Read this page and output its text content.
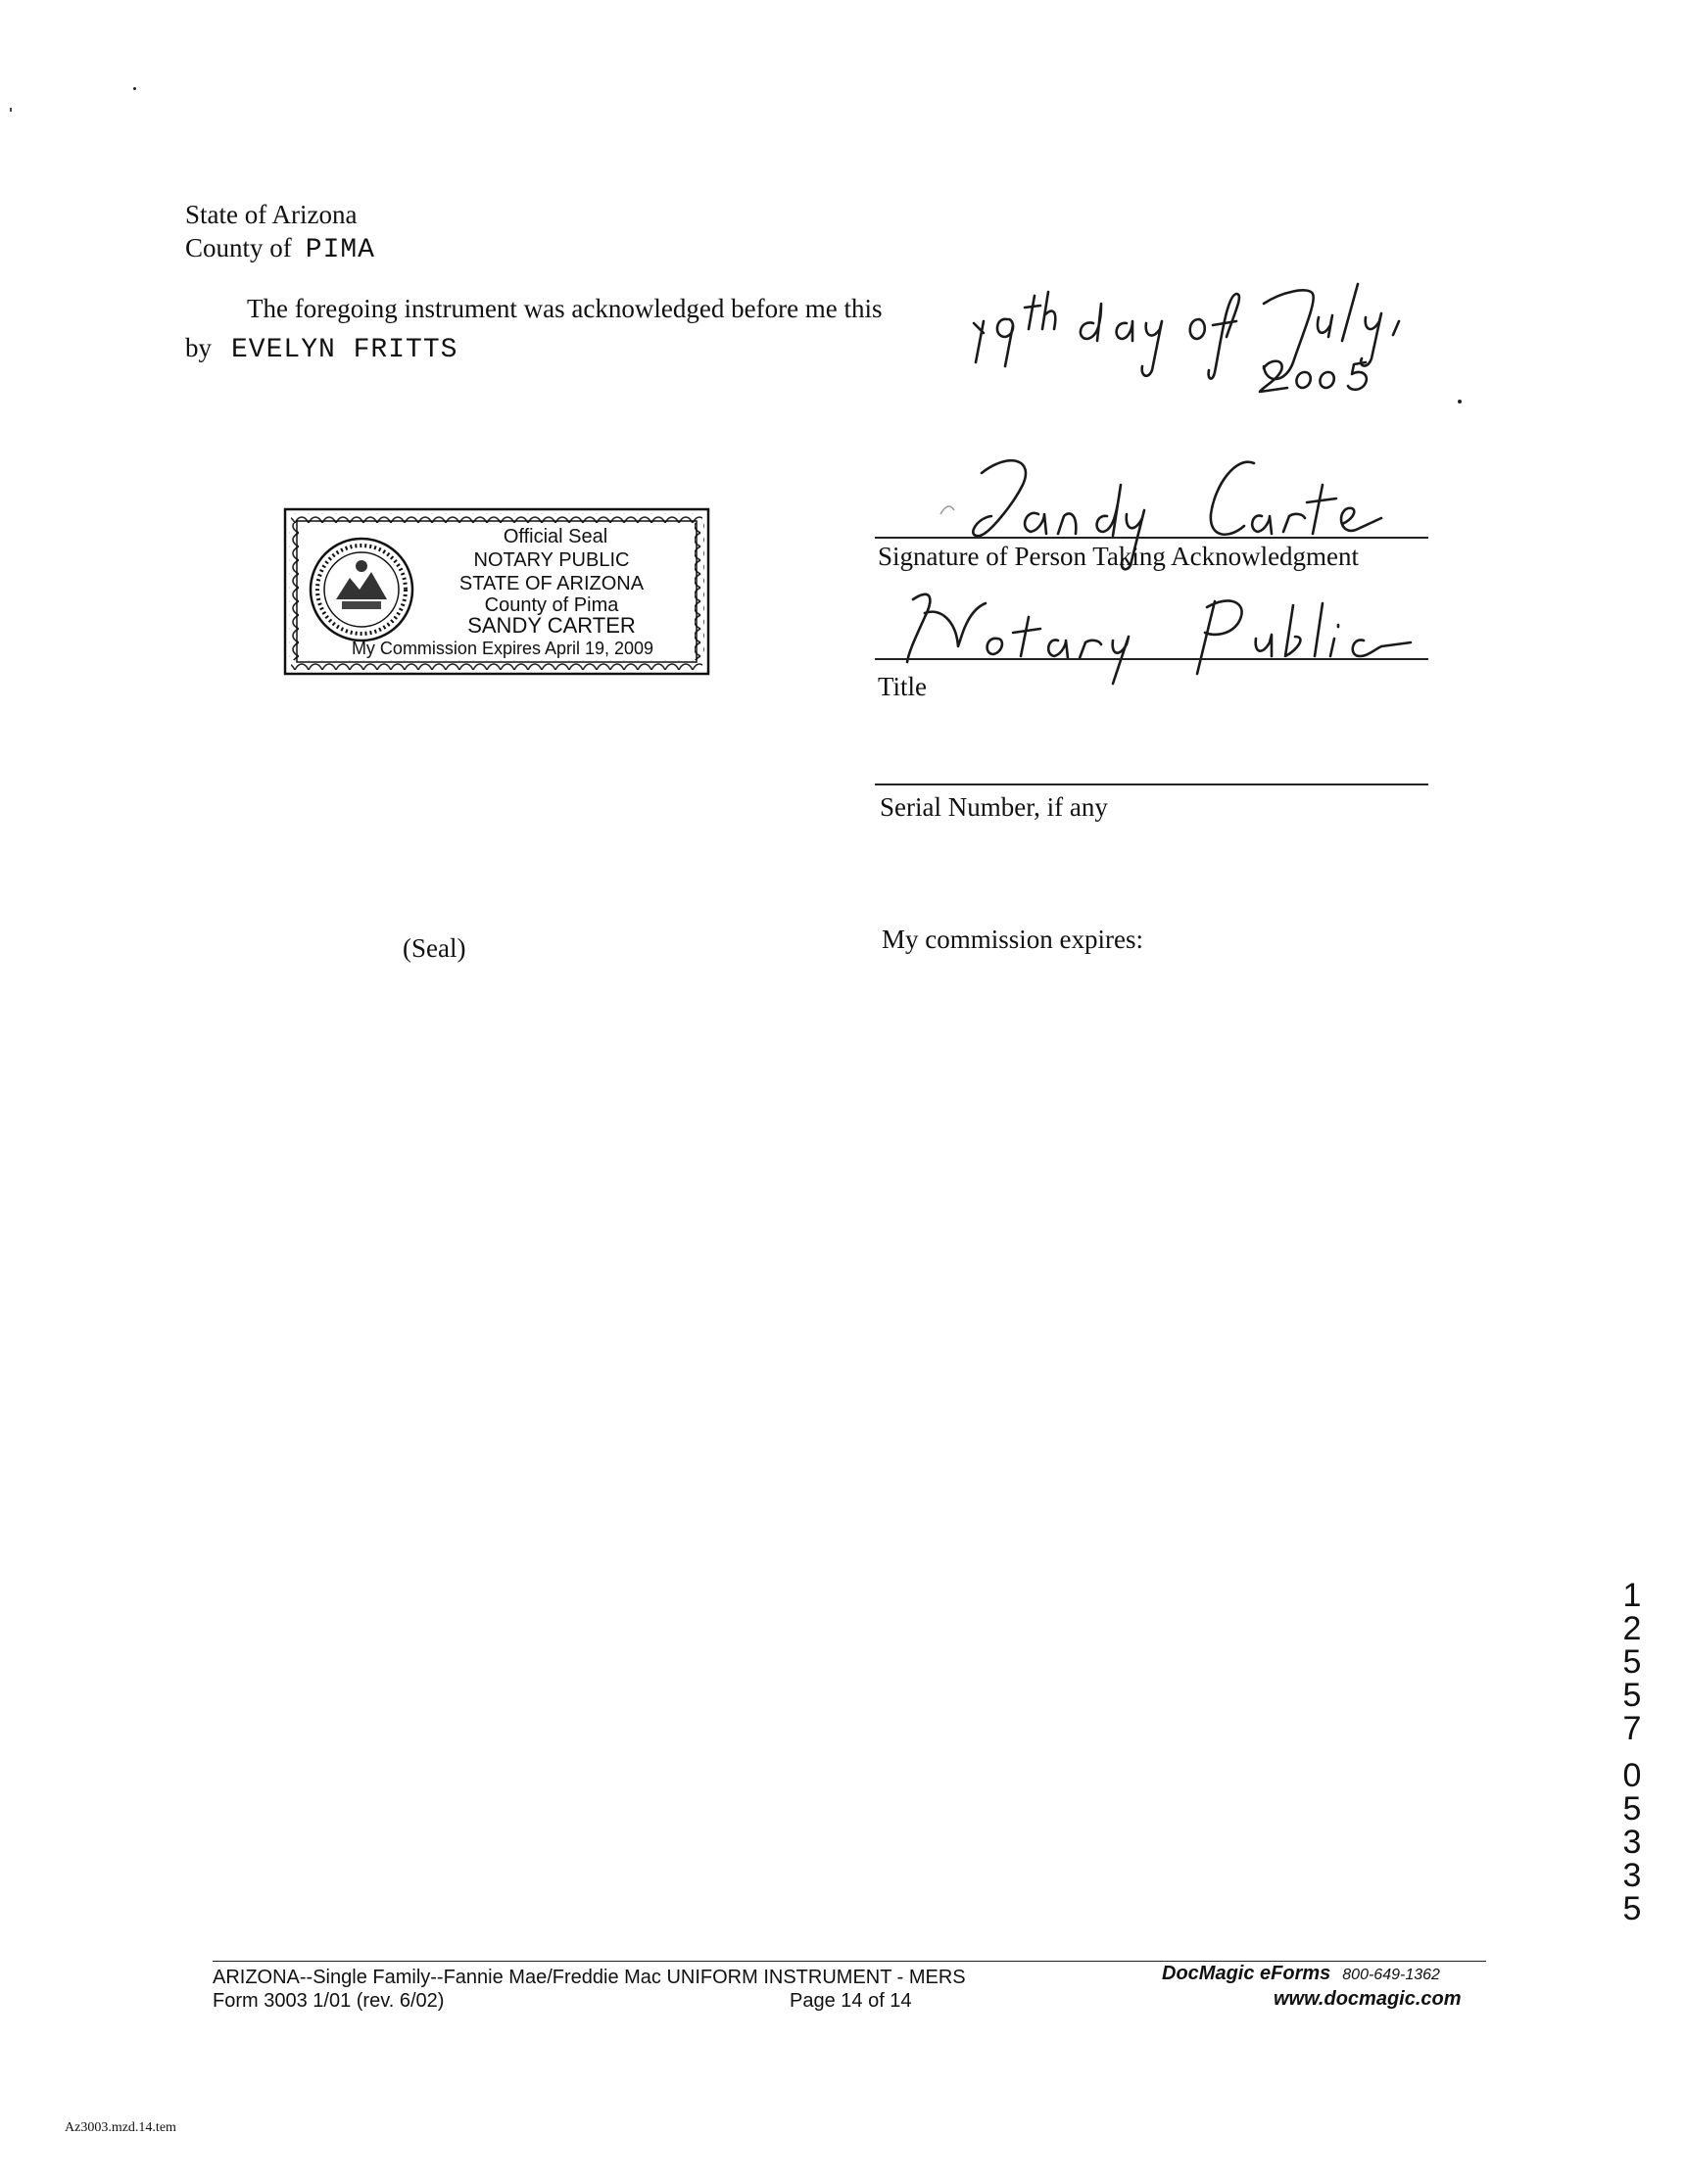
State of Arizona
County of PIMA
The foregoing instrument was acknowledged before me this
by EVELYN FRITTS
Official Seal
NOTARY PUBLIC
STATE OF ARIZONA
County of Pima
SANDY CARTER
My Commission Expires April 19, 2009
Signature of Person Taking Acknowledgment
Title
Serial Number, if any
(Seal)	My commission expires:
1
2
5
5
7
0
5
3
3
5
ARIZONA--Single Family--Fannie Mae/Freddie Mac UNIFORM INSTRUMENT - MERS
Form 3003 1/01 (rev. 6/02)	Page 14 of 14
DocMagic eForms 800-649-1362
www.docmagic.com
Az3003.mzd.14.tem
